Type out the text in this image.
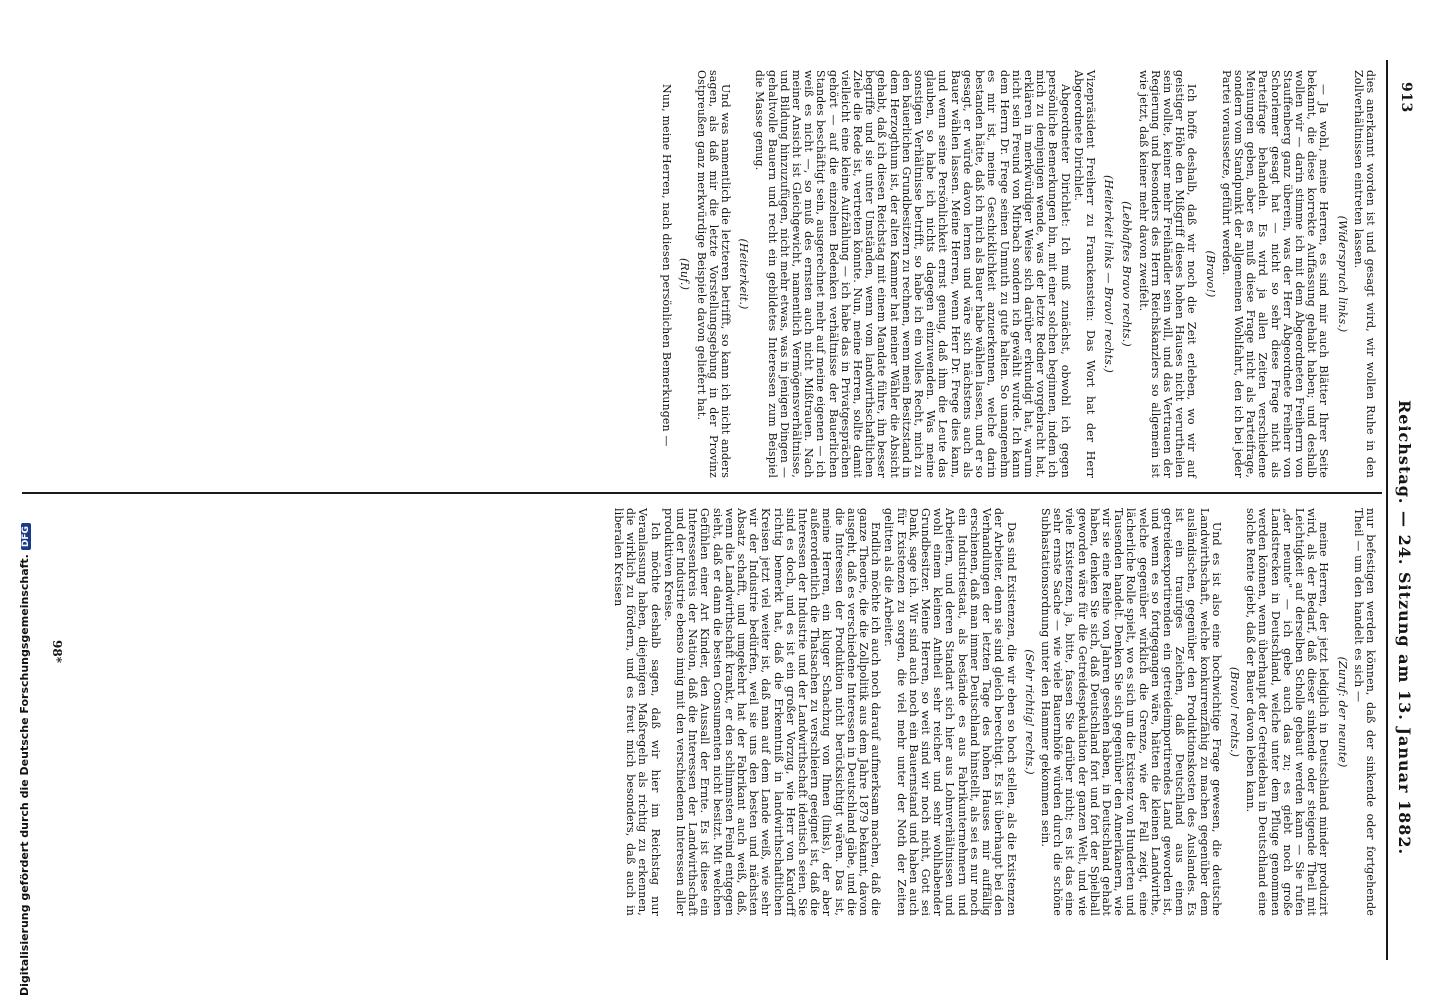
913
Reichstag. — 24. Sitzung am 13. Januar 1882.

dies anerkannt worden ist und gesagt wird, wir wollen Ruhe in den Zollverhältnissen eintreten lassen.

(Widerspruch links.)

— Ja wohl, meine Herren, es sind mir auch Blätter Ihrer Seite bekannt, die diese korrekte Auffassung gehabt haben; und deshalb wollen wir — darin stimme ich mit dem Abgeordneten Freiherrn von Stauffenberg ganz überein, was der Herr Abgeordnete Freiherr von Schorlemer gesagt hat — nicht so sehr diese Frage nicht als Parteifrage behandeln. Es wird ja allen Zeiten verschiedene Meinungen geben, aber es muß diese Frage nicht als Parteifrage, sondern vom Standpunkt der allgemeinen Wohlfahrt, den ich bei jeder Partei voraussetze, geführt werden.

(Bravo!)

Ich hoffe deshalb, daß wir noch die Zeit erleben, wo wir auf geistiger Höhe den Mißgriff dieses hohen Hauses nicht verurtheilen sein wollte, keiner mehr Freihändler sein will, und das Vertrauen der Regierung und besonders des Herrn Reichskanzlers so allgemein ist wie jetzt, daß keiner mehr davon zweifelt.

(Lebhaftes Bravo rechts.)

(Heiterkeit links — Bravo! rechts.)

Vizepräsident Freiherr zu Franckenstein: Das Wort hat der Herr Abgeordnete Dirichlet.

Abgeordneter Dirichlet: Ich muß zunächst, obwohl ich gegen persönliche Bemerkungen bin, mit einer solchen beginnen, indem ich mich zu demjenigen wende, was der letzte Redner vorgebracht hat, erklären in merkwürdiger Weise sich darüber erkundigt hat, warum nicht sein Freund von Mirbach sondern ich gewählt wurde. Ich kann dem Herrn Dr. Frege seinen Unmuth zu gute halten. So unangenehm es mir ist, meine Geschicklichkeit anzuerkennen, welche darin bestanden hätte, daß ich mich als Bauer habe wählen lassen, und er so gesagt, er würde davon lernen und wäre sich nächstens auch als Bauer wählen lassen. Meine Herren, wenn Herr Dr. Frege dies kann, und wenn seine Persönlichkeit ernst genug, daß ihm die Leute das glauben, so habe ich nichts dagegen einzuwenden. Was meine sonstigen Verhältnisse betrifft, so habe ich ein volles Recht, mich zu den bäuerlichen Grundbesitzern zu rechnen, wenn mein Besitzstand in dem Herzogthum ist, der alten Kammer hat meiner Wähler die Absicht gehabt, daß ich diesen Reichstag mit einem Mandate führe, ihn besser begriffe und sie unter Umständen, wenn vom landwirthschaftlichen Ziele die Rede ist, vertreten könnte. Nun, meine Herren, sollte damit vielleicht eine kleine Aufzählung — ich habe das in Privatgesprächen gehört — auf die einzelnen Bedenken verhältnisse der Bauerlichen Standes beschäftigt sein, ausgerechnet mehr auf meine eigenen — ich weiß es nicht —, so muß des ernsten auch nicht Mißtrauen. Nach meiner Ansicht ist Gleichgewicht, namentlich Vermögensverhältnisse, und Bildung hinzuzufügen, nicht mehr etwas, was in jenigen Dingen — gehaltvolle Bauern und recht ein gebildetes Interessen zum Beispiel die Masse genug.

(Heiterkeit.)

Und was namentlich die letzteren betrifft, so kann ich nicht anders sagen, als daß mir die letzte Vorstellungsgebung in der Provinz Ostpreußen ganz merkwürdige Beispiele davon geliefert hat.

(Ruf.)

Nun, meine Herren, nach diesen persönlichen Bemerkungen —

nur befestigen werden können, daß der sinkende oder fortgehende Theil — um den handelt es sich —

(Zuruf: der neunte)

meine Herren, der jetzt lediglich in Deutschland minder produzirt wird, als der Bedarf, daß dieser sinkende oder steigende Theil mit Leichtigkeit auf derselben Scholle gebaut werden kann — Sie rufen „der neunte" — ich gebe auch das zu; es giebt noch große Landstrecken in Deutschland, welche unter dem Pfluge genommen werden können, wenn überhaupt der Getreidebau in Deutschland eine solche Rente giebt, daß der Bauer davon leben kann.

(Bravo! rechts.)

Und es ist also eine hochwichtige Frage gewesen, die deutsche Landwirthschaft, welche konkurrenzfähig zu machen gegenüber dem ausländischen, gegenüber den Produktionskosten des Auslandes. Es ist ein trauriges Zeichen, daß Deutschland aus einem getreideexportirenden ein getreideimportirendes Land geworden ist, und wenn es so fortgegangen wäre, hätten die kleinen Landwirthe, welche gegenüber wirklich die Grenze, wie der Fall zeigt, eine lächerliche Rolle spielt, wo es sich um die Existenz von Hunderten und Tausenden handelt. Denken Sie sich gegenüber den Amerikanern, wie wir sie eine Reihe von Jahren gesehen haben, in Deutschland gehabt haben, denken Sie sich, daß Deutschland fort und fort der Spielball geworden wäre für die Getreidespekulation der ganzen Welt, und wie viele Existenzen, ja, bitte, fassen Sie darüber nicht; es ist das eine sehr ernste Sache — wie viele Bauernhöfe würden durch die schöne Subhastationsordnung unter den Hammer gekommen sein.

(Sehr richtig! rechts.)

Das sind Existenzen, die wir eben so hoch stellen, als die Existenzen der Arbeiter, denn sie sind gleich berechtigt. Es ist überhaupt bei den Verhandlungen der letzten Tage des hohen Hauses mir auffällig erschienen, daß man immer Deutschland hinstellt, als sei es nur noch ein Industriestaat, als bestände es aus Fabrikunternehmern und Arbeitern, und deren Standart sich hier aus Lohnverhältnissen und wohl einem kleinen Antheil sehr reicher und sehr wohlhabender Grundbesitzer. Meine Herren, so weit sind wir noch nicht, Gott sei Dank, sage ich. Wir sind auch noch ein Bauernstand und haben auch für Existenzen zu sorgen, die viel mehr unter der Noth der Zeiten gelitten als die Arbeiter.

Endlich möchte ich auch noch darauf aufmerksam machen, daß die ganze Theorie, die die Zollpolitik aus dem Jahre 1879 bekannt, davon ausgeht, daß es verschiedene Interessen in Deutschland gäbe, und die die Interessen der Produktion nicht berücksichtigt wären. Das ist, meine Herren, ein kluger Schachzug von Ihnen (links), der aber außerordentlich die Thatsachen zu verschleiern geeignet ist, daß die Interessen der Industrie und der Landwirthschaft identisch seien. Sie sind es doch, und es ist ein großer Vorzug, wie Herr von Kardorff richtig bemerkt hat, daß die Erkenntniß in landwirthschaftlichen Kreisen jetzt viel weiter ist, daß man auf dem Lande weiß, wie sehr wir der Industrie bedürfen, weil sie uns den besten und nächsten Absatz schafft, und umgekehrt hat der Fabrikant auch weiß, daß, wenn die Landwirthschaft krankt, er den schlimmsten Feind entgegen sieht, daß er dann die besten Consumenten nicht besitzt. Mit welchen Gefühlen einer Art Kinder, den Aussall der Ernte. Es ist diese ein Interessenkreis der Nation, daß die Interessen der Landwirthschaft und der Industrie ebenso innig mit den verschiedenen Interessen aller produktiven Kreise.

Ich möchte deshalb sagen, daß wir hier im Reichstag nur Veranlassung haben, diejenigen Maßregeln als richtig zu erkennen, die wirklich zu fördern, und es freut mich besonders, daß auch in liberalen Kreisen

98*
Digitalisierung gefördert durch die Deutsche Forschungsgemeinschaft.DFG
